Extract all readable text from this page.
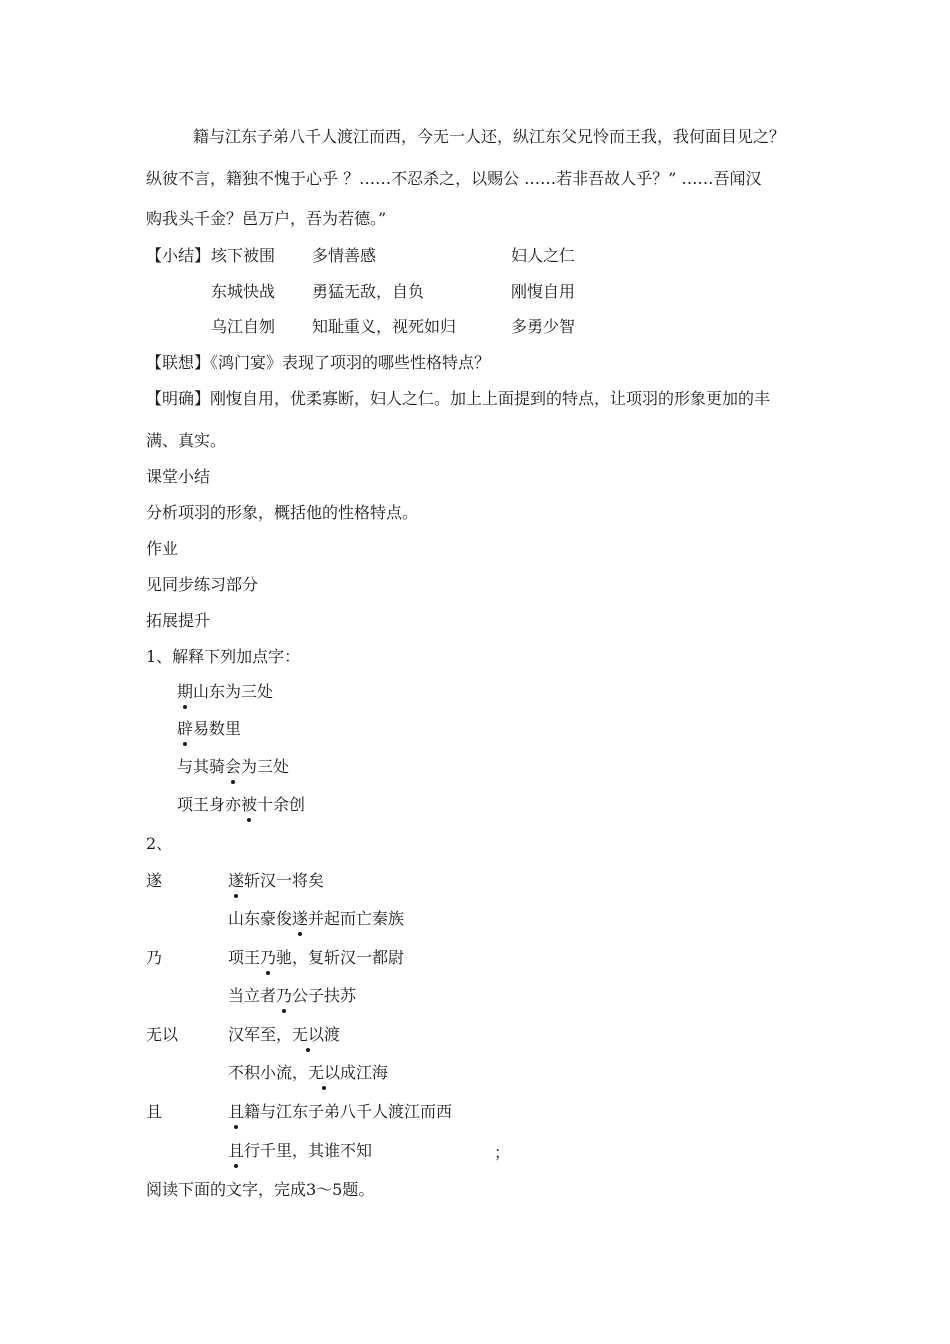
籍与江东子弟八千人渡江而西，今无一人还，纵江东父兄怜而王我，我何面目见之？
纵彼不言，籍独不愧于心乎 ？……不忍杀之，以赐公 ……若非吾故人乎？” ……吾闻汉
购我头千金？邑万户，吾为若德。”
【小结】 垓下被围 多情善感	妇人之仁
东城快战 勇猛无敌，自负	刚愎自用
乌江自刎 知耻重义，视死如归	多勇少智
【联想】《鸿门宴》表现了项羽的哪些性格特点？
【明确】刚愎自用，优柔寡断，妇人之仁。加上上面提到的特点，让项羽的形象更加的丰
满、真实。
课堂小结
分析项羽的形象，概括他的性格特点。
作业
见同步练习部分
拓展提升
1、解释下列加点字：
期山东为三处
辟易数里
与其骑会为三处
项王身亦被十余创
2、
遂	遂斩汉一将矣
山东豪俊遂并起而亡秦族
乃	项王乃驰，复斩汉一都尉
当立者乃公子扶苏
无以	汉军至，无以渡
不积小流，无以成江海
且	且籍与江东子弟八千人渡江而西
且行千里，其谁不知	；
阅读下面的文字，完成3～5题。
